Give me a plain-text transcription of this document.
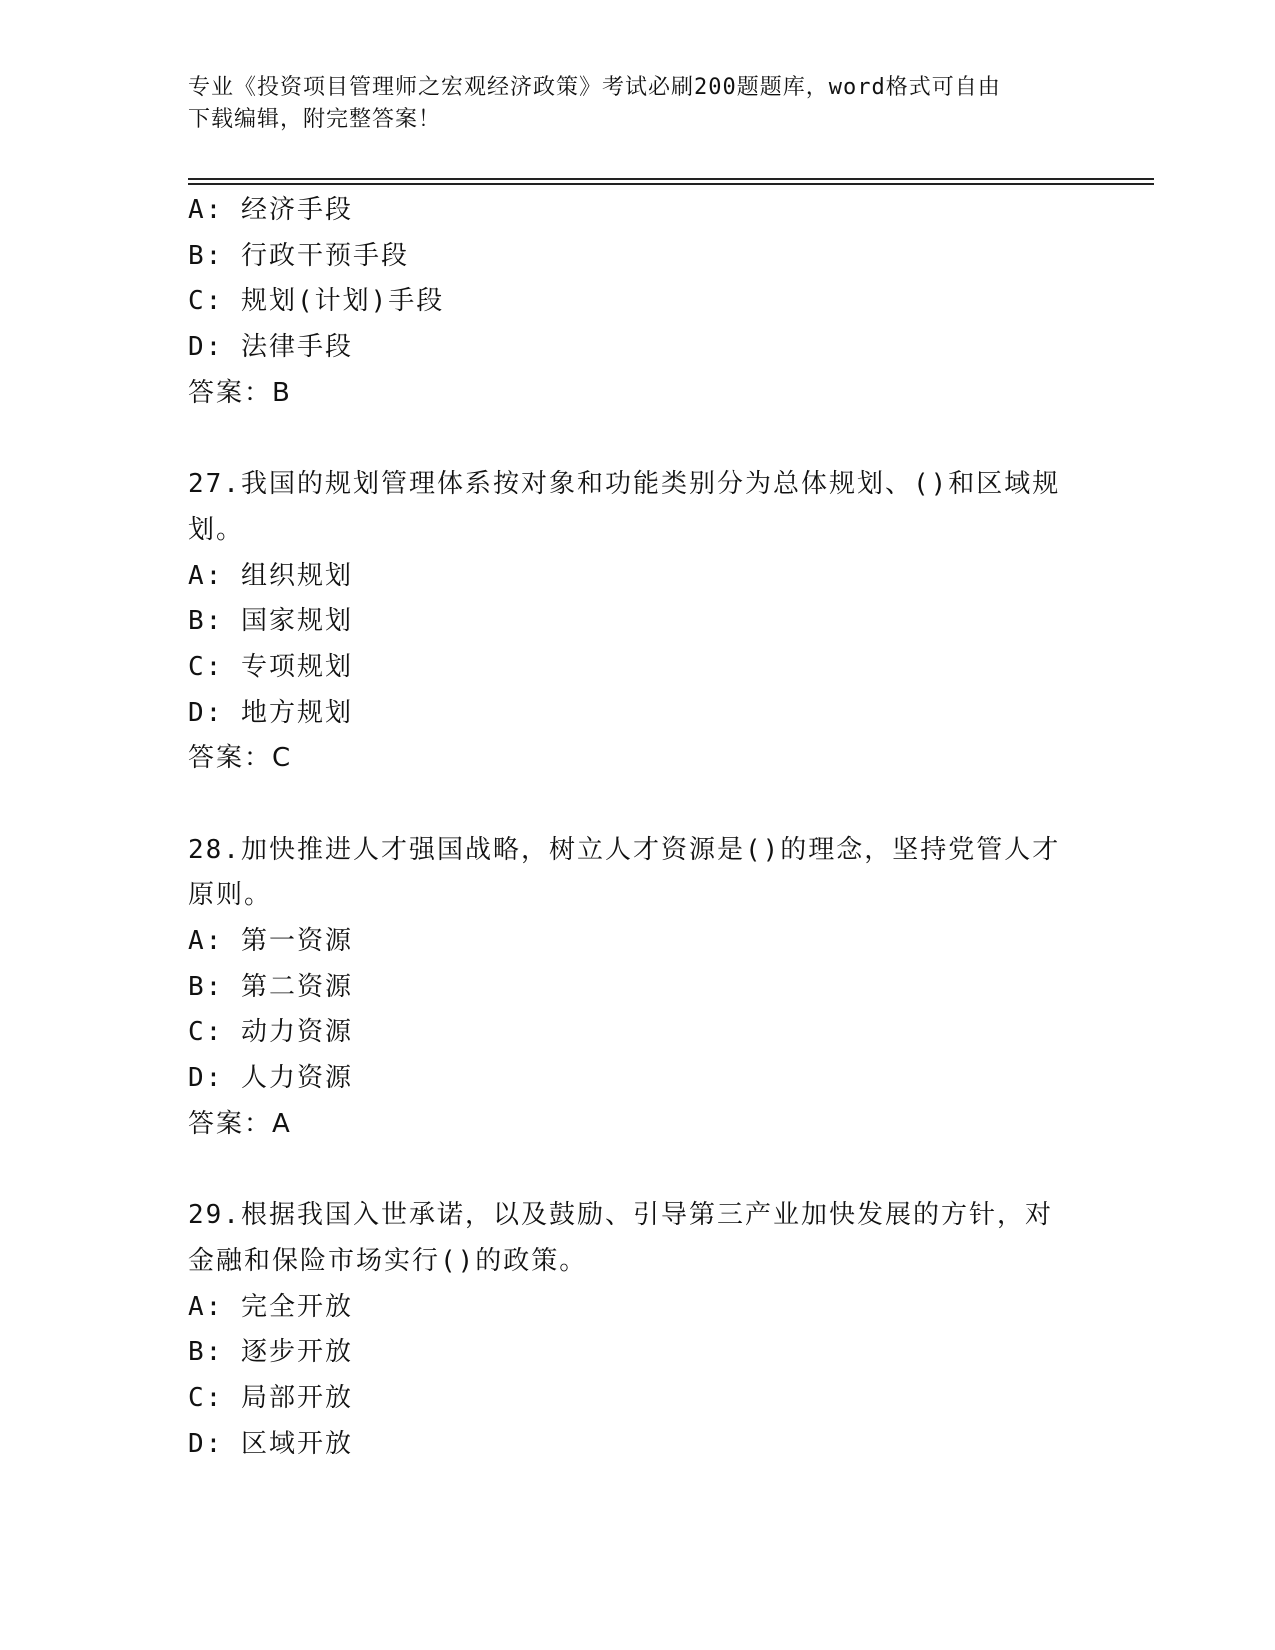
专业《投资项目管理师之宏观经济政策》考试必刷200题题库，word格式可自由
下载编辑，附完整答案！
A: 经济手段
B: 行政干预手段
C: 规划(计划)手段
D: 法律手段
答案：B
27.我国的规划管理体系按对象和功能类别分为总体规划、()和区域规
划。
A: 组织规划
B: 国家规划
C: 专项规划
D: 地方规划
答案：C
28.加快推进人才强国战略，树立人才资源是()的理念，坚持党管人才
原则。
A: 第一资源
B: 第二资源
C: 动力资源
D: 人力资源
答案：A
29.根据我国入世承诺，以及鼓励、引导第三产业加快发展的方针，对
金融和保险市场实行()的政策。
A: 完全开放
B: 逐步开放
C: 局部开放
D: 区域开放
